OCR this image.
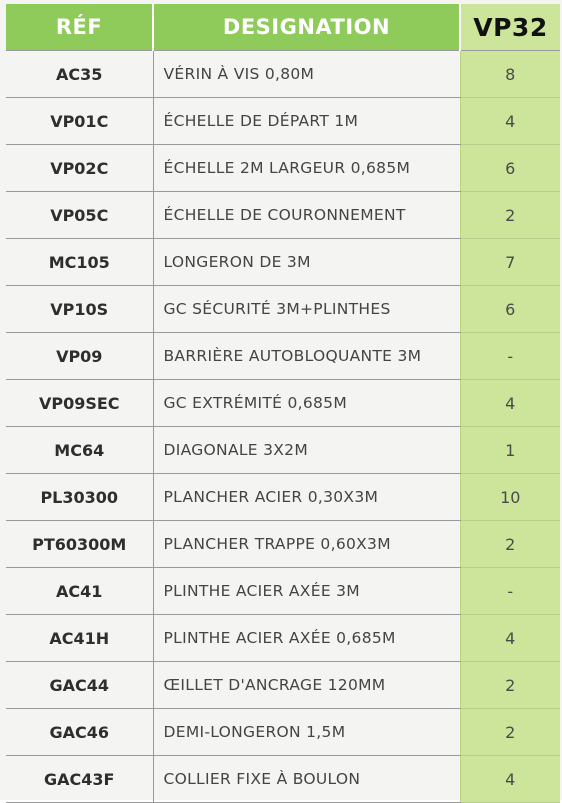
RÉF	DESIGNATION	VP32
AC35	VÉRIN À VIS 0,80M	8
VP01C	ÉCHELLE DE DÉPART 1M	4
VP02C	ÉCHELLE 2M LARGEUR 0,685M	6
VP05C	ÉCHELLE DE COURONNEMENT	2
MC105	LONGERON DE 3M	7
VP10S	GC SÉCURITÉ 3M+PLINTHES	6
VP09	BARRIÈRE AUTOBLOQUANTE 3M	-
VP09SEC	GC EXTRÉMITÉ 0,685M	4
MC64	DIAGONALE 3X2M	1
PL30300	PLANCHER ACIER 0,30X3M	10
PT60300M	PLANCHER TRAPPE 0,60X3M	2
AC41	PLINTHE ACIER AXÉE 3M	-
AC41H	PLINTHE ACIER AXÉE 0,685M	4
GAC44	ŒILLET D'ANCRAGE 120MM	2
GAC46	DEMI-LONGERON 1,5M	2
GAC43F	COLLIER FIXE À BOULON	4
